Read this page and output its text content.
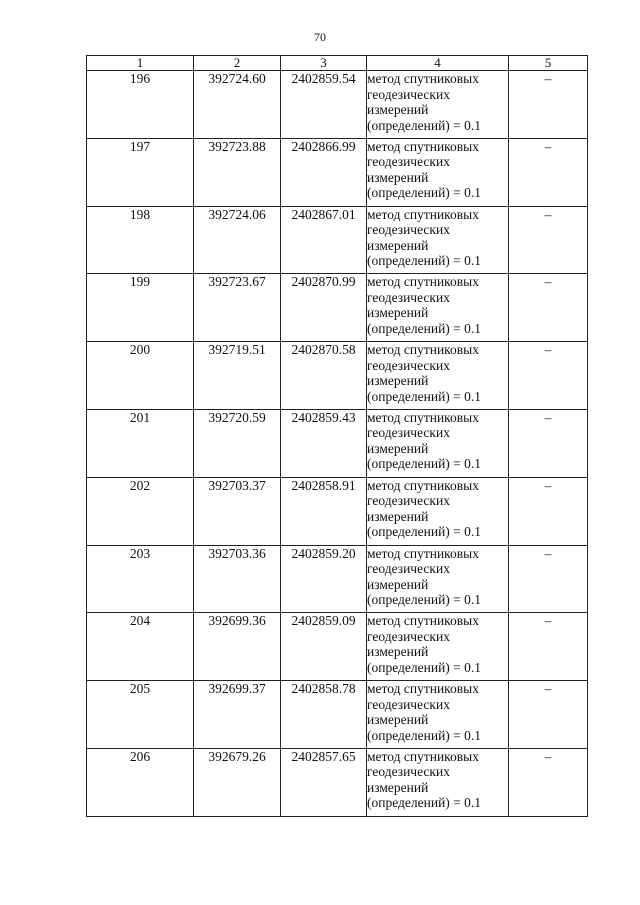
70
1	2	3	4	5
196	392724.60	2402859.54	метод спутниковых
геодезических
измерений
(определений) = 0.1	–
197	392723.88	2402866.99	метод спутниковых
геодезических
измерений
(определений) = 0.1	–
198	392724.06	2402867.01	метод спутниковых
геодезических
измерений
(определений) = 0.1	–
199	392723.67	2402870.99	метод спутниковых
геодезических
измерений
(определений) = 0.1	–
200	392719.51	2402870.58	метод спутниковых
геодезических
измерений
(определений) = 0.1	–
201	392720.59	2402859.43	метод спутниковых
геодезических
измерений
(определений) = 0.1	–
202	392703.37	2402858.91	метод спутниковых
геодезических
измерений
(определений) = 0.1	–
203	392703.36	2402859.20	метод спутниковых
геодезических
измерений
(определений) = 0.1	–
204	392699.36	2402859.09	метод спутниковых
геодезических
измерений
(определений) = 0.1	–
205	392699.37	2402858.78	метод спутниковых
геодезических
измерений
(определений) = 0.1	–
206	392679.26	2402857.65	метод спутниковых
геодезических
измерений
(определений) = 0.1	–
